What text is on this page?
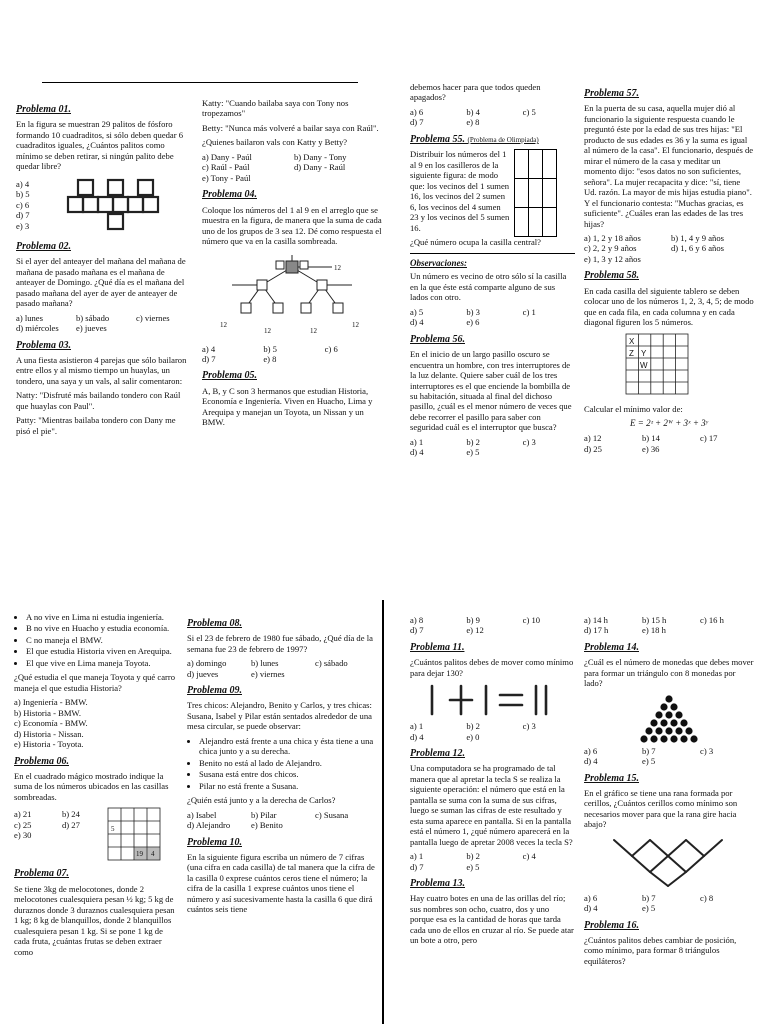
Problema 01.

En la figura se muestran 29 palitos de fósforo formando 10 cuadraditos, si sólo deben quedar 6 cuadraditos iguales, ¿Cuántos palitos como mínimo se deben retirar, si ningún palito debe quedar libre?

a) 4
b) 5
c) 6
d) 7
e) 3
Problema 02.

Si el ayer del anteayer del mañana del mañana de mañana de pasado mañana es el mañana de anteayer de Domingo. ¿Qué día es el mañana del pasado mañana del ayer de ayer de anteayer de pasado mañana?

a) lunes	b) sábado	c) viernes
d) miércoles	e) jueves
Problema 03.

A una fiesta asistieron 4 parejas que sólo bailaron entre ellos y al mismo tiempo un huaylas, un tondero, una saya y un vals, al salir comentaron:

Natty: "Disfruté más bailando tondero con Raúl que huaylas con Paul".

Patty: "Mientras bailaba tondero con Dany me pisó el pie".

Katty: "Cuando bailaba saya con Tony nos tropezamos"

Betty: "Nunca más volveré a bailar saya con Raúl".

¿Quienes bailaron vals con Katty y Betty?

a) Dany - Paúl	b) Dany - Tony
c) Raúl - Paúl	d) Dany - Raúl
e) Tony - Paúl
Problema 04.

Coloque los números del 1 al 9 en el arreglo que se muestra en la figura, de manera que la suma de cada uno de los grupos de 3 sea 12. Dé como respuesta el número que va en la casilla sombreada.

12
12
12	12
12
a) 4	b) 5	c) 6
d) 7	e) 8
Problema 05.

A, B, y C son 3 hermanos que estudian Historia, Economía e Ingeniería. Viven en Huacho, Lima y Arequipa y manejan un Toyota, un Nissan y un BMW.

debemos hacer para que todos queden apagados?

a) 6	b) 4	c) 5
d) 7	e) 8
Problema 55. (Problema de Olimpiada)

Distribuir los números del 1 al 9 en los casilleros de la siguiente figura: de modo que: los vecinos del 1 sumen 16, los vecinos del 2 sumen 6, los vecinos del 4 sumen 23 y los vecinos del 5 sumen 16.

¿Qué número ocupa la casilla central?

Observaciones:

Un número es vecino de otro sólo sí la casilla en la que éste está comparte alguno de sus lados con otro.

a) 5	b) 3	c) 1
d) 4	e) 6
Problema 56.

En el inicio de un largo pasillo oscuro se encuentra un hombre, con tres interruptores de la luz delante. Quiere saber cuál de los tres interruptores es el que enciende la bombilla de su habitación, situada al final del dichoso pasillo, ¿cuál es el menor número de veces que debe recorrer el pasillo para saber con seguridad cuál es el interruptor que busca?

a) 1	b) 2	c) 3
d) 4	e) 5
Problema 57.

En la puerta de su casa, aquella mujer dió al funcionario la siguiente respuesta cuando le preguntó éste por la edad de sus tres hijas: "El producto de sus edades es 36 y la suma es igual al número de la casa". El funcionario, después de mirar el número de la casa y meditar un momento dijo: "esos datos no son suficientes, señora". La mujer recapacita y dice: "sí, tiene Ud. razón. La mayor de mis hijas estudia piano". Y el funcionario contesta: "Muchas gracias, es suficiente". ¿Cuáles eran las edades de las tres hijas?

a) 1, 2 y 18 años	b) 1, 4 y 9 años
c) 2, 2 y 9 años	d) 1, 6 y 6 años
e) 1, 3 y 12 años
Problema 58.

En cada casilla del siguiente tablero se deben colocar uno de los números 1, 2, 3, 4, 5; de modo que en cada fila, en cada columna y en cada diagonal figuren los 5 números.

X
Z Y
W

Calcular el mínimo valor de:

E = 2ᶻ + 2ᵂ + 3ˣ + 3ʸ

a) 12	b) 14	c) 17
d) 25	e) 36
• A no vive en Lima ni estudia ingeniería.
• B no vive en Huacho y estudia economía.
• C no maneja el BMW.
• El que estudia Historia viven en Arequipa.
• El que vive en Lima maneja Toyota.

¿Qué estudia el que maneja Toyota y qué carro maneja el que estudia Historia?

a) Ingeniería - BMW.
b) Historia - BMW.
c) Economía - BMW.
d) Historia - Nissan.
e) Historia - Toyota.
Problema 06.

En el cuadrado mágico mostrado indique la suma de los números ubicados en las casillas sombreadas.

a) 21	b) 24
c) 25	d) 27
e) 30
5
19 4
Problema 07.

Se tiene 3kg de melocotones, donde 2 melocotones cualesquiera pesan ½ kg; 5 kg de duraznos donde 3 duraznos cualesquiera pesan 1 kg; 8 kg de blanquillos, donde 2 blanquillos cualesquiera pesan 1 kg. Si se pone 1 kg de cada fruta, ¿cuántas frutas se deben extraer como

Problema 08.

Si el 23 de febrero de 1980 fue sábado, ¿Qué día de la semana fue 23 de febrero de 1997?

a) domingo	b) lunes	c) sábado
d) jueves	e) viernes
Problema 09.

Tres chicos: Alejandro, Benito y Carlos, y tres chicas: Susana, Isabel y Pilar están sentados alrededor de una mesa circular, se puede observar:

• Alejandro está frente a una chica y ésta tiene a una chica junto y a su derecha.
• Benito no está al lado de Alejandro.
• Susana está entre dos chicos.
• Pilar no está frente a Susana.

¿Quién está junto y a la derecha de Carlos?

a) Isabel	b) Pilar	c) Susana
d) Alejandro	e) Benito
Problema 10.

En la siguiente figura escriba un número de 7 cifras (una cifra en cada casilla) de tal manera que la cifra de la casilla 0 exprese cuántos ceros tiene el número; la cifra de la casilla 1 exprese cuántos unos tiene el número y así sucesivamente hasta la casilla 6 que dirá cuántos seis tiene

a) 8	b) 9	c) 10
d) 7	e) 12
Problema 11.

¿Cuántos palitos debes de mover como mínimo para dejar 130?

a) 1	b) 2	c) 3
d) 4	e) 0
Problema 12.

Una computadora se ha programado de tal manera que al apretar la tecla S se realiza la siguiente operación: el número que está en la pantalla se suma con la suma de sus cifras, luego se suman las cifras de este resultado y esta suma aparece en pantalla. Si en la pantalla está el número 1, ¿qué número aparecerá en la pantalla luego de apretar 2008 veces la tecla S?

a) 1	b) 2	c) 4
d) 7	e) 5
Problema 13.

Hay cuatro botes en una de las orillas del río; sus nombres son ocho, cuatro, dos y uno porque esa es la cantidad de horas que tarda cada uno de ellos en cruzar al río. Se puede atar un bote a otro, pero

a) 14 h	b) 15 h	c) 16 h
d) 17 h	e) 18 h
Problema 14.

¿Cuál es el número de monedas que debes mover para formar un triángulo con 8 monedas por lado?

a) 6	b) 7	c) 3
d) 4	e) 5
Problema 15.

En el gráfico se tiene una rana formada por cerillos, ¿Cuántos cerillos como mínimo son necesarios mover para que la rana gire hacia abajo?

a) 6	b) 7	c) 8
d) 4	e) 5
Problema 16.

¿Cuántos palitos debes cambiar de posición, como mínimo, para formar 8 triángulos equiláteros?
